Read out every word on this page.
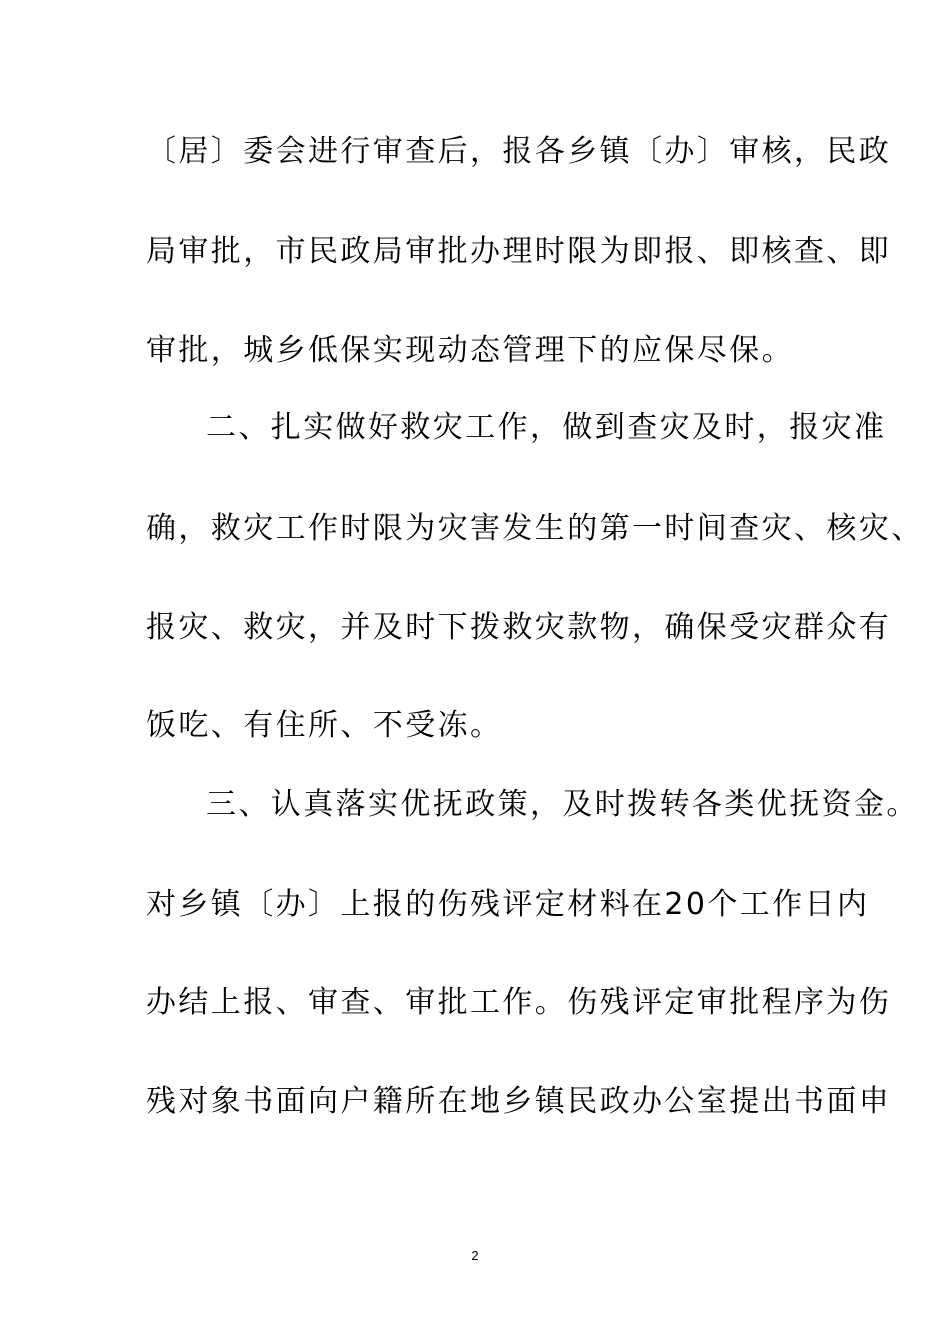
〔居〕委会进行审查后，报各乡镇〔办〕审核，民政
局审批，市民政局审批办理时限为即报、即核查、即
审批，城乡低保实现动态管理下的应保尽保。
二、扎实做好救灾工作，做到查灾及时，报灾准
确，救灾工作时限为灾害发生的第一时间查灾、核灾、
报灾、救灾，并及时下拨救灾款物，确保受灾群众有
饭吃、有住所、不受冻。
三、认真落实优抚政策，及时拨转各类优抚资金。
对乡镇〔办〕上报的伤残评定材料在20个工作日内
办结上报、审查、审批工作。伤残评定审批程序为伤
残对象书面向户籍所在地乡镇民政办公室提出书面申
2
